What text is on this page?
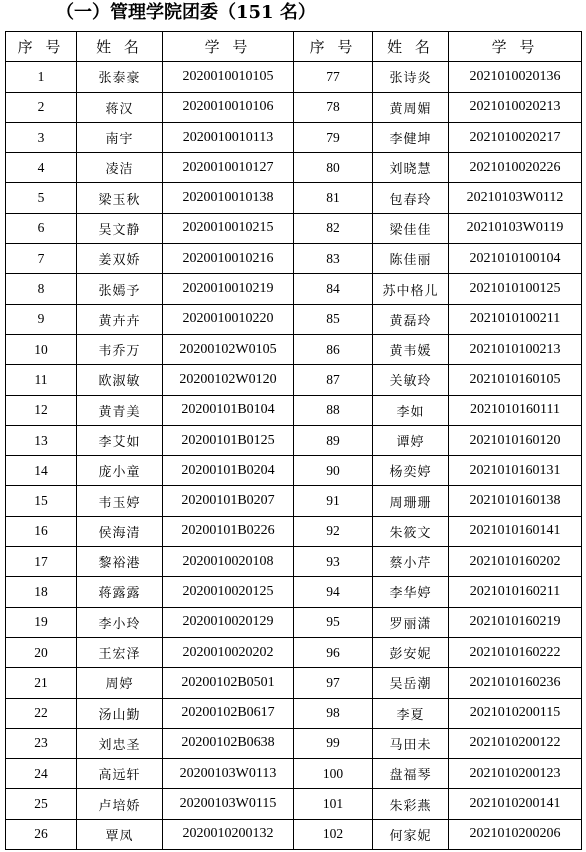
（一）管理学院团委（151 名）
序 号	姓 名	学 号	序 号	姓 名	学 号
1	张泰豪	2020010010105	77	张诗炎	2021010020136
2	蒋汉	2020010010106	78	黄周媚	2021010020213
3	南宇	2020010010113	79	李健坤	2021010020217
4	凌洁	2020010010127	80	刘晓慧	2021010020226
5	梁玉秋	2020010010138	81	包春玲	20210103W0112
6	吴文静	2020010010215	82	梁佳佳	20210103W0119
7	姜双娇	2020010010216	83	陈佳丽	2021010100104
8	张嫣予	2020010010219	84	苏中格儿	2021010100125
9	黄卉卉	2020010010220	85	黄磊玲	2021010100211
10	韦乔万	20200102W0105	86	黄韦媛	2021010100213
11	欧淑敏	20200102W0120	87	关敏玲	2021010160105
12	黄青美	20200101B0104	88	李如	2021010160111
13	李艾如	20200101B0125	89	谭婷	2021010160120
14	庞小童	20200101B0204	90	杨奕婷	2021010160131
15	韦玉婷	20200101B0207	91	周珊珊	2021010160138
16	侯海清	20200101B0226	92	朱筱文	2021010160141
17	黎裕港	2020010020108	93	蔡小芹	2021010160202
18	蒋露露	2020010020125	94	李华婷	2021010160211
19	李小玲	2020010020129	95	罗丽潇	2021010160219
20	王宏泽	2020010020202	96	彭安妮	2021010160222
21	周婷	20200102B0501	97	吴岳潮	2021010160236
22	汤山勤	20200102B0617	98	李夏	2021010200115
23	刘忠圣	20200102B0638	99	马田未	2021010200122
24	高远轩	20200103W0113	100	盘福琴	2021010200123
25	卢培娇	20200103W0115	101	朱彩燕	2021010200141
26	覃凤	2020010200132	102	何家妮	2021010200206
